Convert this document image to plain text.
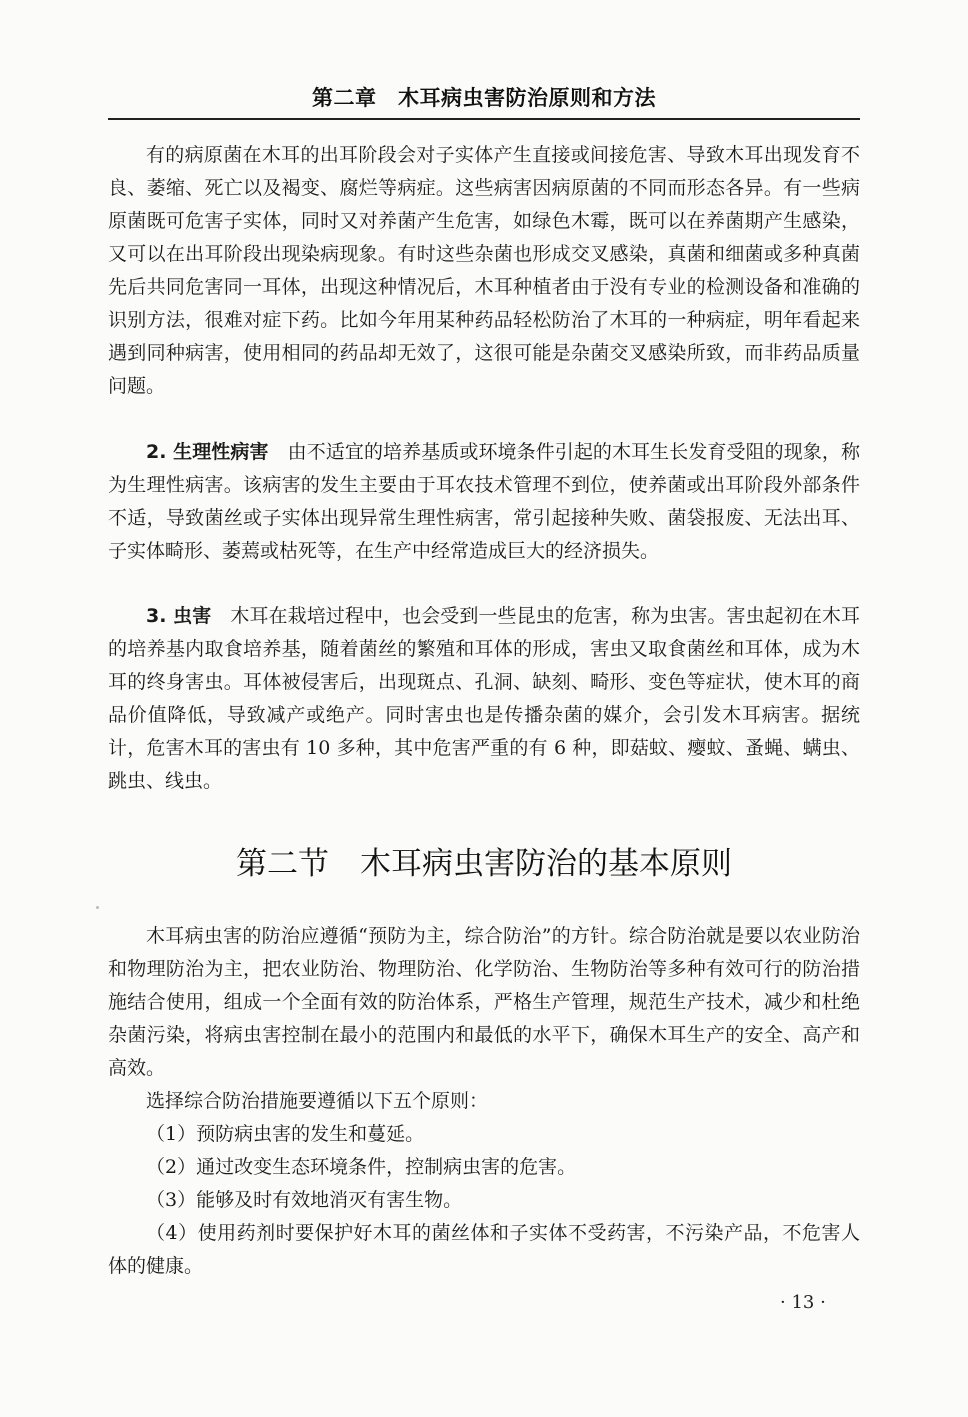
第二章　木耳病虫害防治原则和方法

有的病原菌在木耳的出耳阶段会对子实体产生直接或间接危害、导致木耳出现发育不良、萎缩、死亡以及褐变、腐烂等病症。这些病害因病原菌的不同而形态各异。有一些病原菌既可危害子实体，同时又对养菌产生危害，如绿色木霉，既可以在养菌期产生感染，又可以在出耳阶段出现染病现象。有时这些杂菌也形成交叉感染，真菌和细菌或多种真菌先后共同危害同一耳体，出现这种情况后，木耳种植者由于没有专业的检测设备和准确的识别方法，很难对症下药。比如今年用某种药品轻松防治了木耳的一种病症，明年看起来遇到同种病害，使用相同的药品却无效了，这很可能是杂菌交叉感染所致，而非药品质量问题。

2. 生理性病害　 由不适宜的培养基质或环境条件引起的木耳生长发育受阻的现象，称为生理性病害。该病害的发生主要由于耳农技术管理不到位，使养菌或出耳阶段外部条件不适，导致菌丝或子实体出现异常生理性病害，常引起接种失败、菌袋报废、无法出耳、子实体畸形、萎蔫或枯死等，在生产中经常造成巨大的经济损失。

3. 虫害　 木耳在栽培过程中，也会受到一些昆虫的危害，称为虫害。害虫起初在木耳的培养基内取食培养基，随着菌丝的繁殖和耳体的形成，害虫又取食菌丝和耳体，成为木耳的终身害虫。耳体被侵害后，出现斑点、孔洞、缺刻、畸形、变色等症状，使木耳的商品价值降低，导致减产或绝产。同时害虫也是传播杂菌的媒介，会引发木耳病害。据统计，危害木耳的害虫有 10 多种，其中危害严重的有 6 种，即菇蚊、瘿蚊、蚤蝇、螨虫、跳虫、线虫。

第二节　木耳病虫害防治的基本原则

木耳病虫害的防治应遵循“预防为主，综合防治”的方针。综合防治就是要以农业防治和物理防治为主，把农业防治、物理防治、化学防治、生物防治等多种有效可行的防治措施结合使用，组成一个全面有效的防治体系，严格生产管理，规范生产技术，减少和杜绝杂菌污染，将病虫害控制在最小的范围内和最低的水平下，确保木耳生产的安全、高产和高效。

选择综合防治措施要遵循以下五个原则：

（1）预防病虫害的发生和蔓延。

（2）通过改变生态环境条件，控制病虫害的危害。

（3）能够及时有效地消灭有害生物。

（4）使用药剂时要保护好木耳的菌丝体和子实体不受药害，不污染产品，不危害人体的健康。

· 13 ·
